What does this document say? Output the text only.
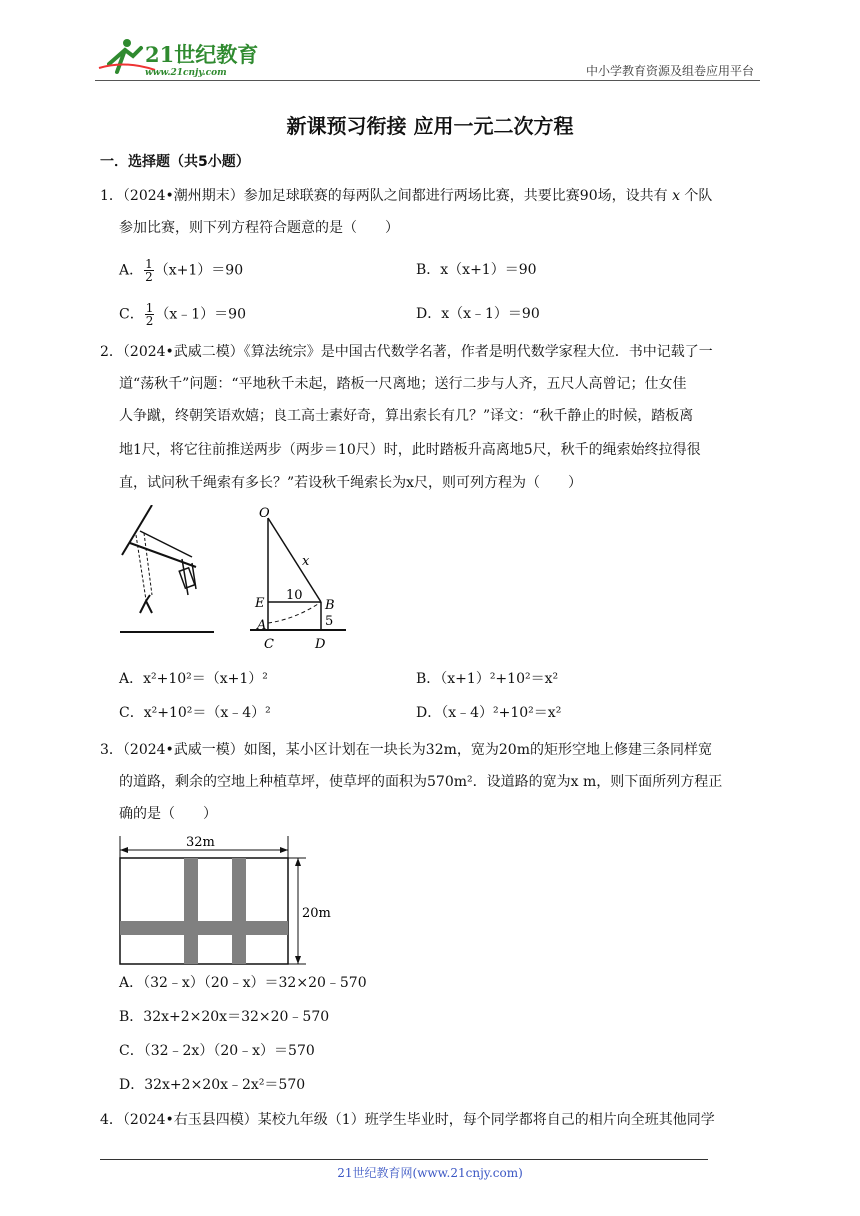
21世纪教育
www.21cnjy.com	中小学教育资源及组卷应用平台
新课预习衔接 应用一元二次方程
一．选择题（共5小题）
1．（2024•潮州期末）参加足球联赛的每两队之间都进行两场比赛，共要比赛90场，设共有 x 个队
参加比赛，则下列方程符合题意的是（　　）
A． $\frac{1}{2} (x+1)=90$	B．x（x+1）＝90
C． $\frac{1}{2}$ （x﹣1）＝90	D．x（x﹣1）＝90
2．（2024•武威二模）《算法统宗》是中国古代数学名著，作者是明代数学家程大位．书中记载了一
道“荡秋千”问题：“平地秋千未起，踏板一尺离地；送行二步与人齐，五尺人高曾记；仕女佳
人争蹴，终朝笑语欢嬉；良工高士素好奇，算出索长有几？”译文：“秋千静止的时候，踏板离
地1尺，将它往前推送两步（两步＝10尺）时，此时踏板升高离地5尺，秋千的绳索始终拉得很
直，试问秋千绳索有多长？”若设秋千绳索长为x尺，则可列方程为（　　）
O
x
E
10
B
A	5
C	D
A．x²+10²＝（x+1）²	B．（x+1）²+10²＝x²
C．x²+10²＝（x﹣4）²	D．（x﹣4）²+10²＝x²
3．（2024•武威一模）如图，某小区计划在一块长为32m，宽为20m的矩形空地上修建三条同样宽
的道路，剩余的空地上种植草坪，使草坪的面积为570m²．设道路的宽为x m，则下面所列方程正
确的是（　　）
32m
20m
A．（32﹣x）（20﹣x）＝32×20﹣570
B．32x+2×20x＝32×20﹣570
C．（32﹣2x）（20﹣x）＝570
D．32x+2×20x﹣2x²＝570
4．（2024•右玉县四模）某校九年级（1）班学生毕业时，每个同学都将自己的相片向全班其他同学
21世纪教育网(www.21cnjy.com)
